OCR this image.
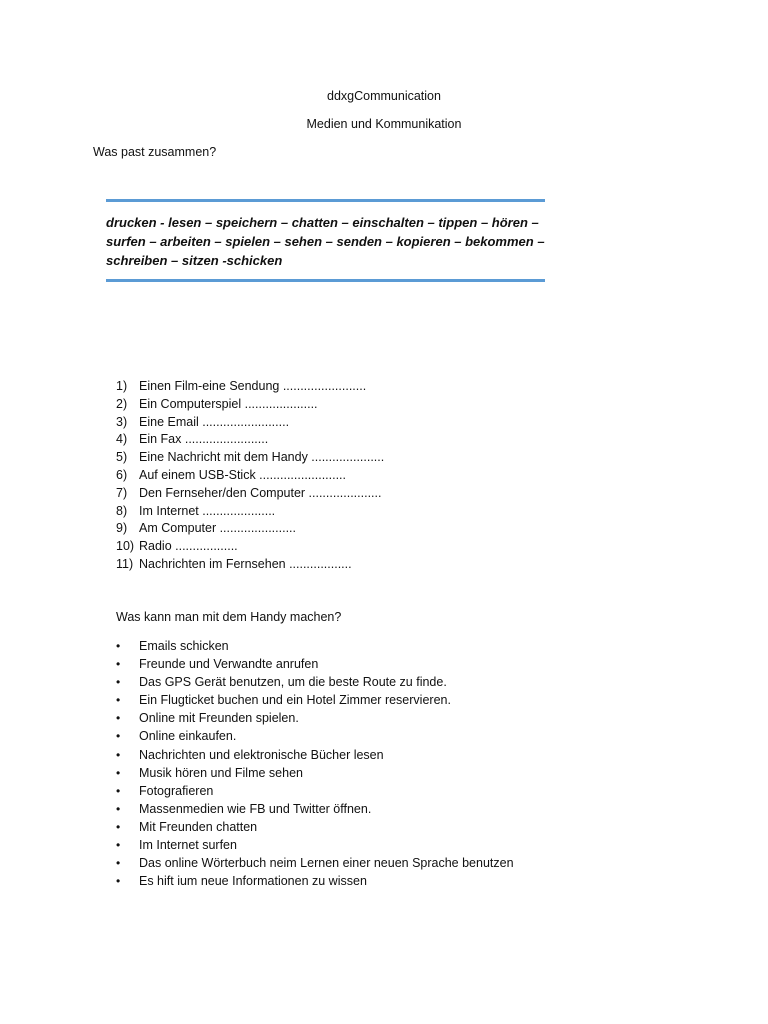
ddxgCommunication
Medien und Kommunikation
Was past zusammen?
drucken - lesen – speichern – chatten – einschalten – tippen – hören – surfen – arbeiten – spielen – sehen – senden – kopieren – bekommen – schreiben – sitzen -schicken
1) Einen Film-eine Sendung ........................
2) Ein Computerspiel .....................
3) Eine Email .........................
4) Ein Fax ........................
5) Eine Nachricht mit dem Handy .....................
6) Auf einem USB-Stick .........................
7) Den Fernseher/den Computer .....................
8) Im Internet .....................
9) Am Computer ......................
10) Radio ..................
11) Nachrichten im Fernsehen ..................
Was kann man mit dem Handy machen?
• Emails schicken
• Freunde und Verwandte anrufen
• Das GPS Gerät benutzen, um die beste Route zu finde.
• Ein Flugticket buchen und ein Hotel Zimmer reservieren.
• Online mit Freunden spielen.
• Online einkaufen.
• Nachrichten und elektronische Bücher lesen
• Musik hören und Filme sehen
• Fotografieren
• Massenmedien wie FB und Twitter öffnen.
• Mit Freunden chatten
• Im Internet surfen
• Das online Wörterbuch neim Lernen einer neuen Sprache benutzen
• Es hift ium neue Informationen zu wissen
